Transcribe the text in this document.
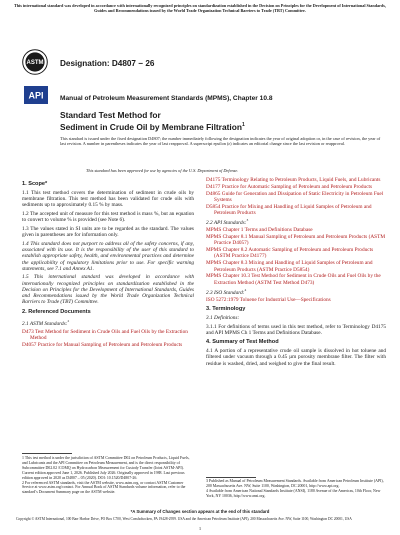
This international standard was developed in accordance with internationally recognized principles on standardization established in the Decision on Principles for the Development of International Standards, Guides and Recommendations issued by the World Trade Organization Technical Barriers to Trade (TBT) Committee.
ASTM Designation: D4807 − 26
API Manual of Petroleum Measurement Standards (MPMS), Chapter 10.8
Standard Test Method for
Sediment in Crude Oil by Membrane Filtration$^1$
This standard is issued under the fixed designation D4807; the number immediately following the designation indicates the year of original adoption or, in the case of revision, the year of last revision. A number in parentheses indicates the year of last reapproval. A superscript epsilon (ε) indicates an editorial change since the last revision or reapproval.
This standard has been approved for use by agencies of the U.S. Department of Defense.
1. Scope*

1.1 This test method covers the determination of sediment in crude oils by membrane filtration. This test method has been validated for crude oils with sediments up to approximately 0.15 % by mass.

1.2 The accepted unit of measure for this test method is mass %, but an equation to convert to volume % is provided (see Note 6).

1.3 The values stated in SI units are to be regarded as the standard. The values given in parentheses are for information only.

1.4 This standard does not purport to address all of the safety concerns, if any, associated with its use. It is the responsibility of the user of this standard to establish appropriate safety, health, and environmental practices and determine the applicability of regulatory limitations prior to use. For specific warning statements, see 7.1 and Annex A1.

1.5 This international standard was developed in accordance with internationally recognized principles on standardization established in the Decision on Principles for the Development of International Standards, Guides and Recommendations issued by the World Trade Organization Technical Barriers to Trade (TBT) Committee.

2. Referenced Documents

2.1 ASTM Standards:$^2$

D473 Test Method for Sediment in Crude Oils and Fuel Oils by the Extraction Method

D4057 Practice for Manual Sampling of Petroleum and Petroleum Products

D4175 Terminology Relating to Petroleum Products, Liquid Fuels, and Lubricants

D4177 Practice for Automatic Sampling of Petroleum and Petroleum Products

D4865 Guide for Generation and Dissipation of Static Electricity in Petroleum Fuel Systems

D5854 Practice for Mixing and Handling of Liquid Samples of Petroleum and Petroleum Products

2.2 API Standards:$^3$

MPMS Chapter 1 Terms and Definitions Database

MPMS Chapter 8.1 Manual Sampling of Petroleum and Petroleum Products (ASTM Practice D4057)

MPMS Chapter 8.2 Automatic Sampling of Petroleum and Petroleum Products (ASTM Practice D4177)

MPMS Chapter 8.3 Mixing and Handling of Liquid Samples of Petroleum and Petroleum Products (ASTM Practice D5854)

MPMS Chapter 10.3 Test Method for Sediment in Crude Oils and Fuel Oils by the Extraction Method (ASTM Test Method D473)

2.3 ISO Standard:$^4$

ISO 5272:1979 Toluene for Industrial Use—Specifications

3. Terminology

3.1 Definitions:

3.1.1 For definitions of terms used in this test method, refer to Terminology D4175 and API MPMS Ch 1 Terms and Definitions Database.

4. Summary of Test Method

4.1 A portion of a representative crude oil sample is dissolved in hot toluene and filtered under vacuum through a 0.45 µm porosity membrane filter. The filter with residue is washed, dried, and weighed to give the final result.

1 This test method is under the jurisdiction of ASTM Committee D02 on Petroleum Products, Liquid Fuels, and Lubricants and the API Committee on Petroleum Measurement, and is the direct responsibility of Subcommittee D02.02 /COMQ on Hydrocarbon Measurement for Custody Transfer (Joint ASTM-API).
Current edition approved June 1, 2026. Published July 2026. Originally approved in 1988. Last previous edition approved in 2020 as D4807 – 05 (2020). DOI: 10.1520/D4807-26.
2 For referenced ASTM standards, visit the ASTM website, www.astm.org, or contact ASTM Customer Service at www.astm.org/contact. For Annual Book of ASTM Standards volume information, refer to the standard’s Document Summary page on the ASTM website.
3 Published as Manual of Petroleum Measurement Standards. Available from American Petroleum Institute (API), 200 Massachusetts Ave. NW, Suite 1100, Washington, DC 20001, http://www.api.org.
4 Available from American National Standards Institute (ANSI), 1180 Avenue of the Americas, 10th Floor, New York, NY 10036, http://www.ansi.org.
*A Summary of Changes section appears at the end of this standard
Copyright © ASTM International, 100 Barr Harbor Drive, PO Box C700, West Conshohocken, PA 19428-2959. USA and the American Petroleum Institute (API), 200 Massachusetts Ave. NW, Suite 1100, Washington DC 20001, USA
1
